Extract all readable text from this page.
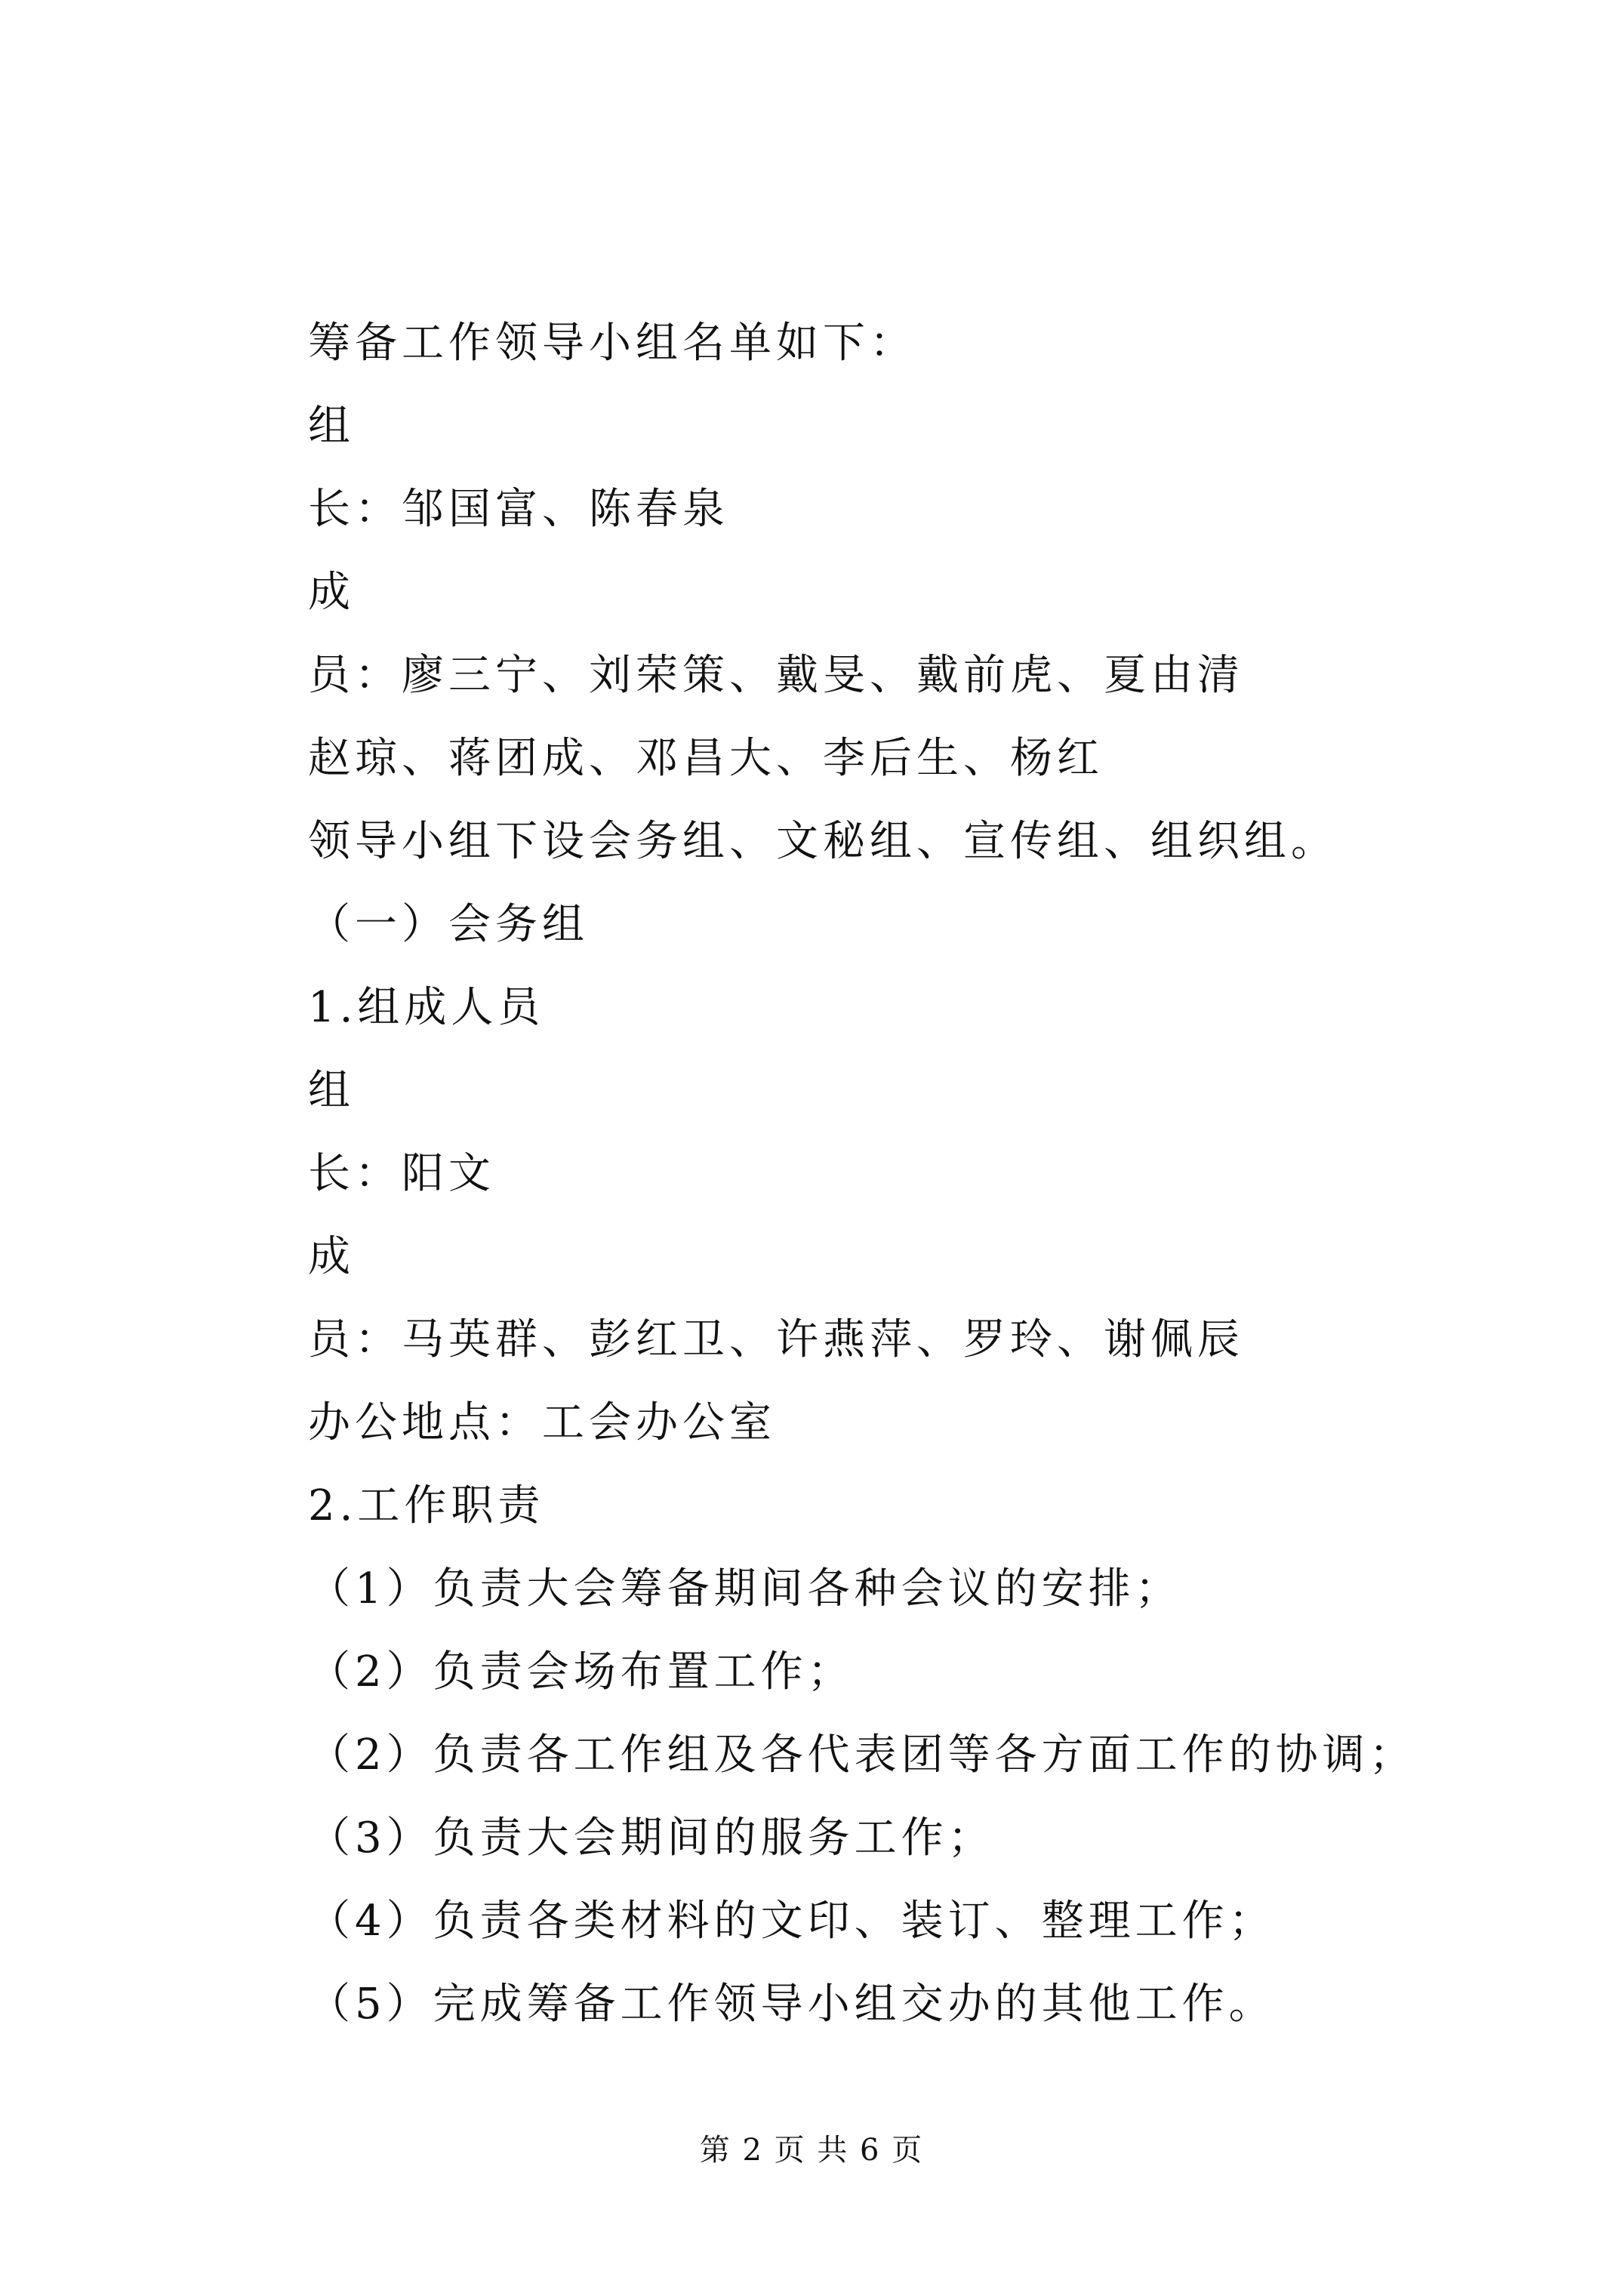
筹备工作领导小组名单如下：
组
长：邹国富、陈春泉
成
员：廖三宁、刘荣策、戴旻、戴前虎、夏由清
赵琼、蒋团成、邓昌大、李后生、杨红
领导小组下设会务组、文秘组、宣传组、组织组。
（一）会务组
1.组成人员
组
长：阳文
成
员：马英群、彭红卫、许燕萍、罗玲、谢佩辰
办公地点：工会办公室
2.工作职责
（1）负责大会筹备期间各种会议的安排；
（2）负责会场布置工作；
（2）负责各工作组及各代表团等各方面工作的协调；
（3）负责大会期间的服务工作；
（4）负责各类材料的文印、装订、整理工作；
（5）完成筹备工作领导小组交办的其他工作。
第 2 页 共 6 页
